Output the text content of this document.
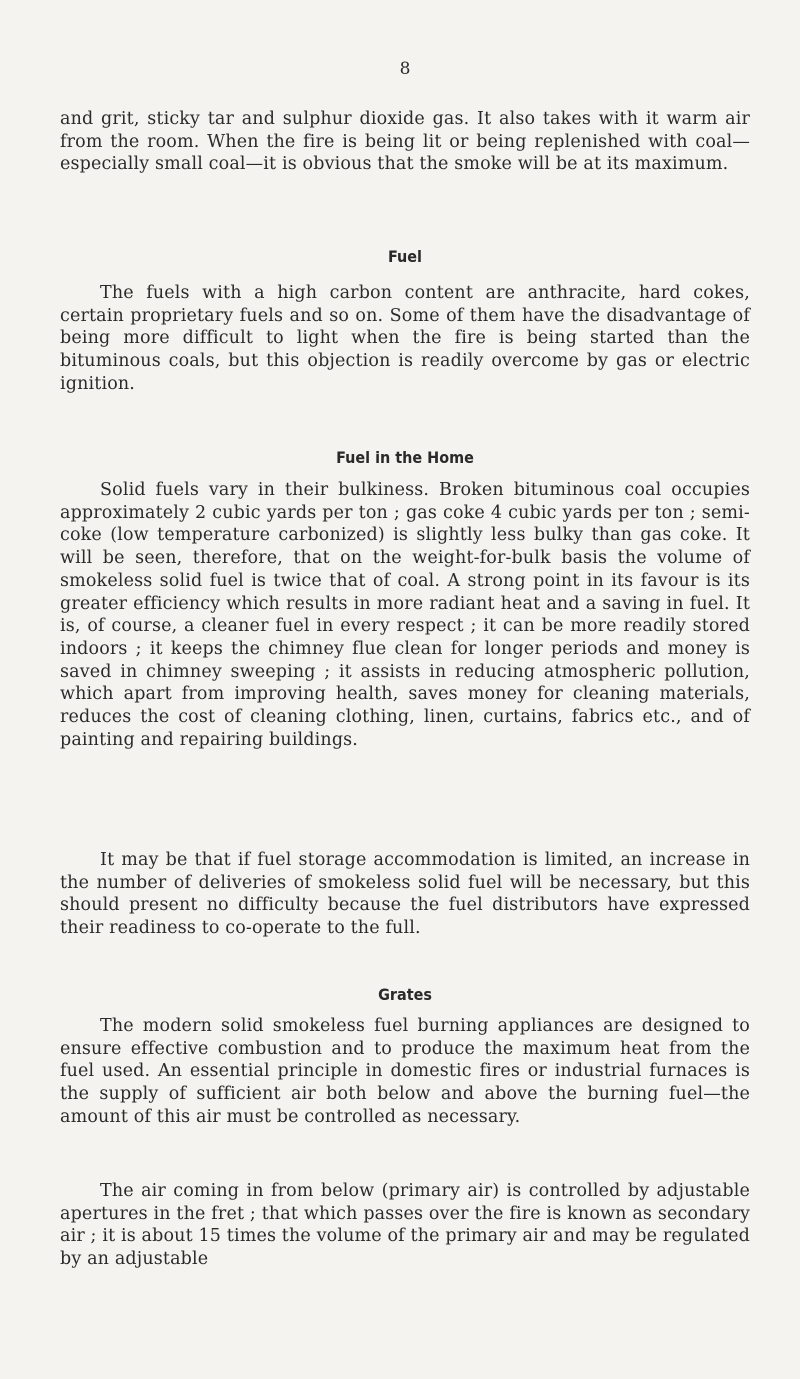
8

and grit, sticky tar and sulphur dioxide gas. It also takes with it warm air from the room. When the fire is being lit or being replenished with coal—especially small coal—it is obvious that the smoke will be at its maximum.

Fuel

The fuels with a high carbon content are anthracite, hard cokes, certain proprietary fuels and so on. Some of them have the disadvantage of being more difficult to light when the fire is being started than the bituminous coals, but this objection is readily overcome by gas or electric ignition.

Fuel in the Home

Solid fuels vary in their bulkiness. Broken bituminous coal occupies approximately 2 cubic yards per ton ; gas coke 4 cubic yards per ton ; semi-coke (low temperature carbonized) is slightly less bulky than gas coke. It will be seen, therefore, that on the weight-for-bulk basis the volume of smokeless solid fuel is twice that of coal. A strong point in its favour is its greater efficiency which results in more radiant heat and a saving in fuel. It is, of course, a cleaner fuel in every respect ; it can be more readily stored indoors ; it keeps the chimney flue clean for longer periods and money is saved in chimney sweeping ; it assists in reducing atmospheric pollution, which apart from improving health, saves money for cleaning materials, reduces the cost of cleaning clothing, linen, curtains, fabrics etc., and of painting and repairing buildings.

It may be that if fuel storage accommodation is limited, an increase in the number of deliveries of smokeless solid fuel will be necessary, but this should present no difficulty because the fuel distributors have expressed their readiness to co-operate to the full.

Grates

The modern solid smokeless fuel burning appliances are designed to ensure effective combustion and to produce the maximum heat from the fuel used. An essential principle in domestic fires or industrial furnaces is the supply of sufficient air both below and above the burning fuel—the amount of this air must be controlled as necessary.

The air coming in from below (primary air) is controlled by adjustable apertures in the fret ; that which passes over the fire is known as secondary air ; it is about 15 times the volume of the primary air and may be regulated by an adjustable
